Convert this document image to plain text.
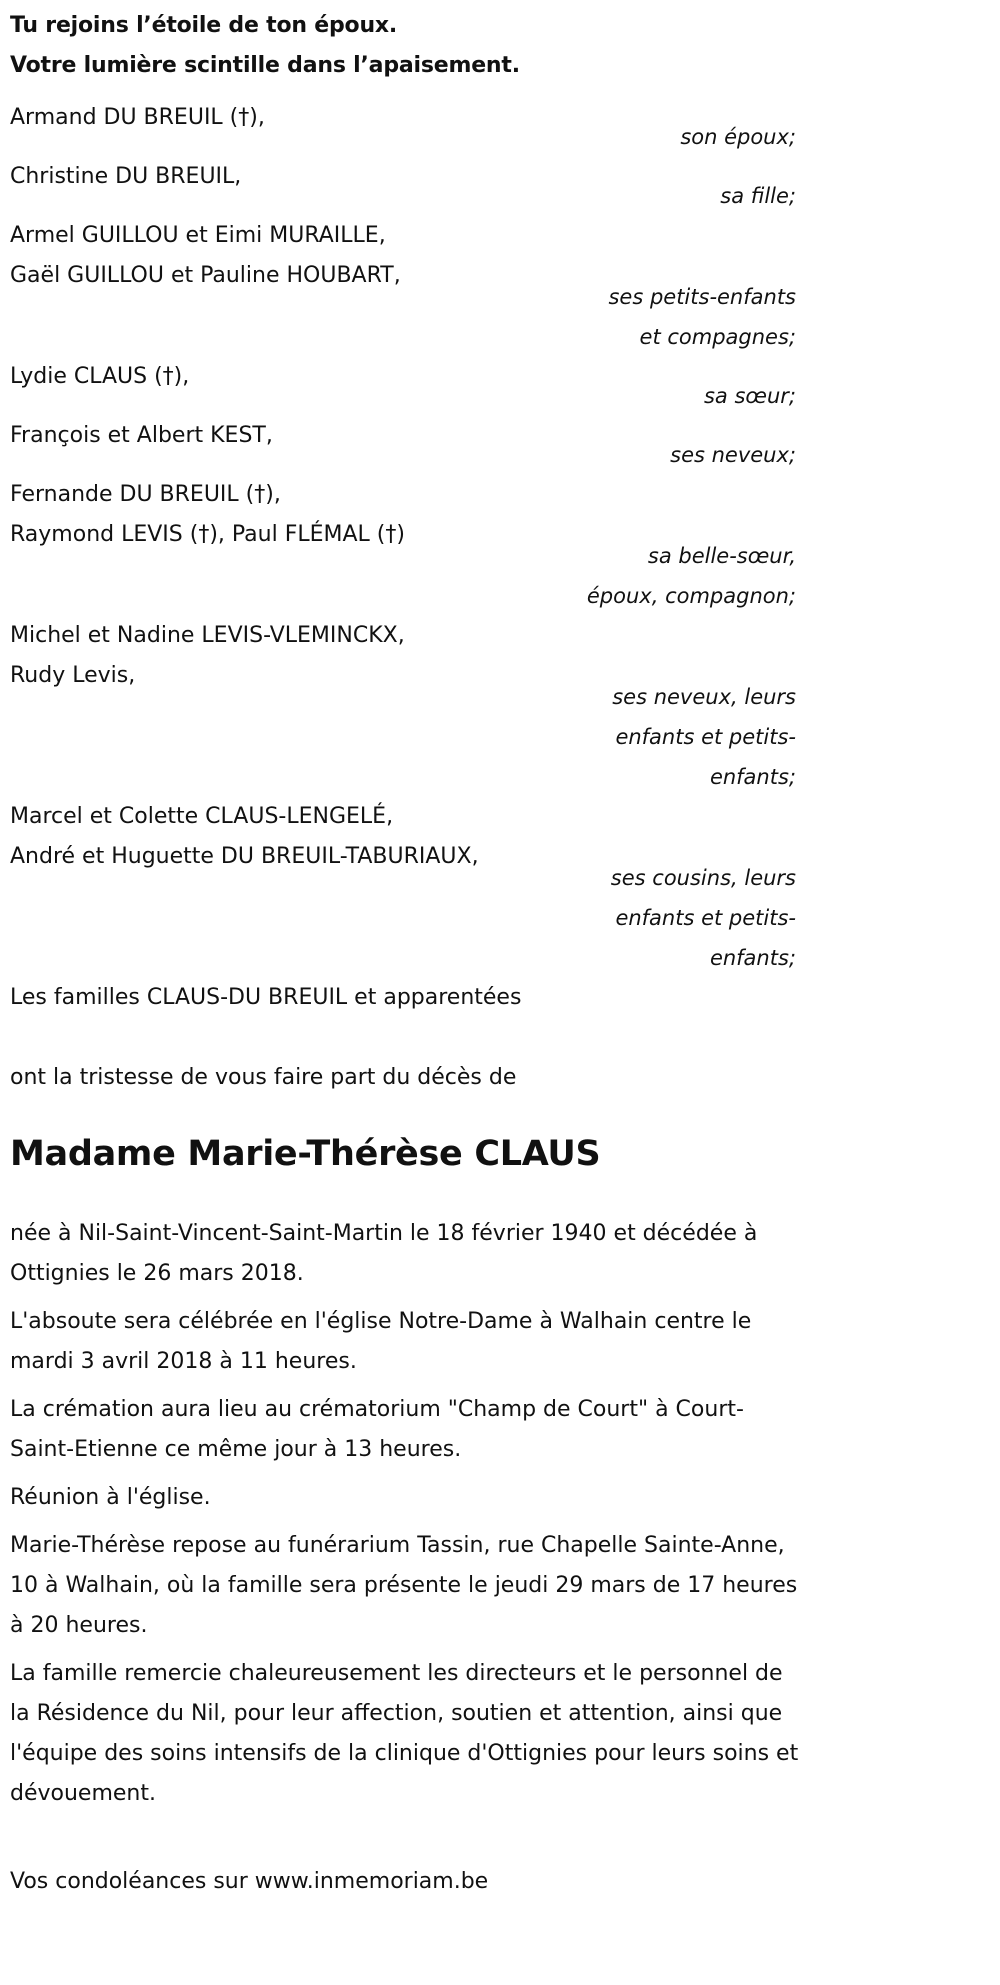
Tu rejoins l’étoile de ton époux.
Votre lumière scintille dans l’apaisement.
Armand DU BREUIL (†),
son époux;
Christine DU BREUIL,
sa fille;
Armel GUILLOU et Eimi MURAILLE,
Gaël GUILLOU et Pauline HOUBART,
ses petits-enfants
et compagnes;
Lydie CLAUS (†),
sa sœur;
François et Albert KEST,
ses neveux;
Fernande DU BREUIL (†),
Raymond LEVIS (†), Paul FLÉMAL (†)
sa belle-sœur,
époux, compagnon;
Michel et Nadine LEVIS-VLEMINCKX,
Rudy Levis,
ses neveux, leurs
enfants et petits-
enfants;
Marcel et Colette CLAUS-LENGELÉ,
André et Huguette DU BREUIL-TABURIAUX,
ses cousins, leurs
enfants et petits-
enfants;
Les familles CLAUS-DU BREUIL et apparentées
ont la tristesse de vous faire part du décès de
Madame Marie-Thérèse CLAUS
née à Nil-Saint-Vincent-Saint-Martin le 18 février 1940 et décédée à Ottignies le 26 mars 2018.
L'absoute sera célébrée en l'église Notre-Dame à Walhain centre le mardi 3 avril 2018 à 11 heures.
La crémation aura lieu au crématorium "Champ de Court" à Court-Saint-Etienne ce même jour à 13 heures.
Réunion à l'église.
Marie-Thérèse repose au funérarium Tassin, rue Chapelle Sainte-Anne, 10 à Walhain, où la famille sera présente le jeudi 29 mars de 17 heures à 20 heures.
La famille remercie chaleureusement les directeurs et le personnel de la Résidence du Nil, pour leur affection, soutien et attention, ainsi que l'équipe des soins intensifs de la clinique d'Ottignies pour leurs soins et dévouement.
Vos condoléances sur www.inmemoriam.be
